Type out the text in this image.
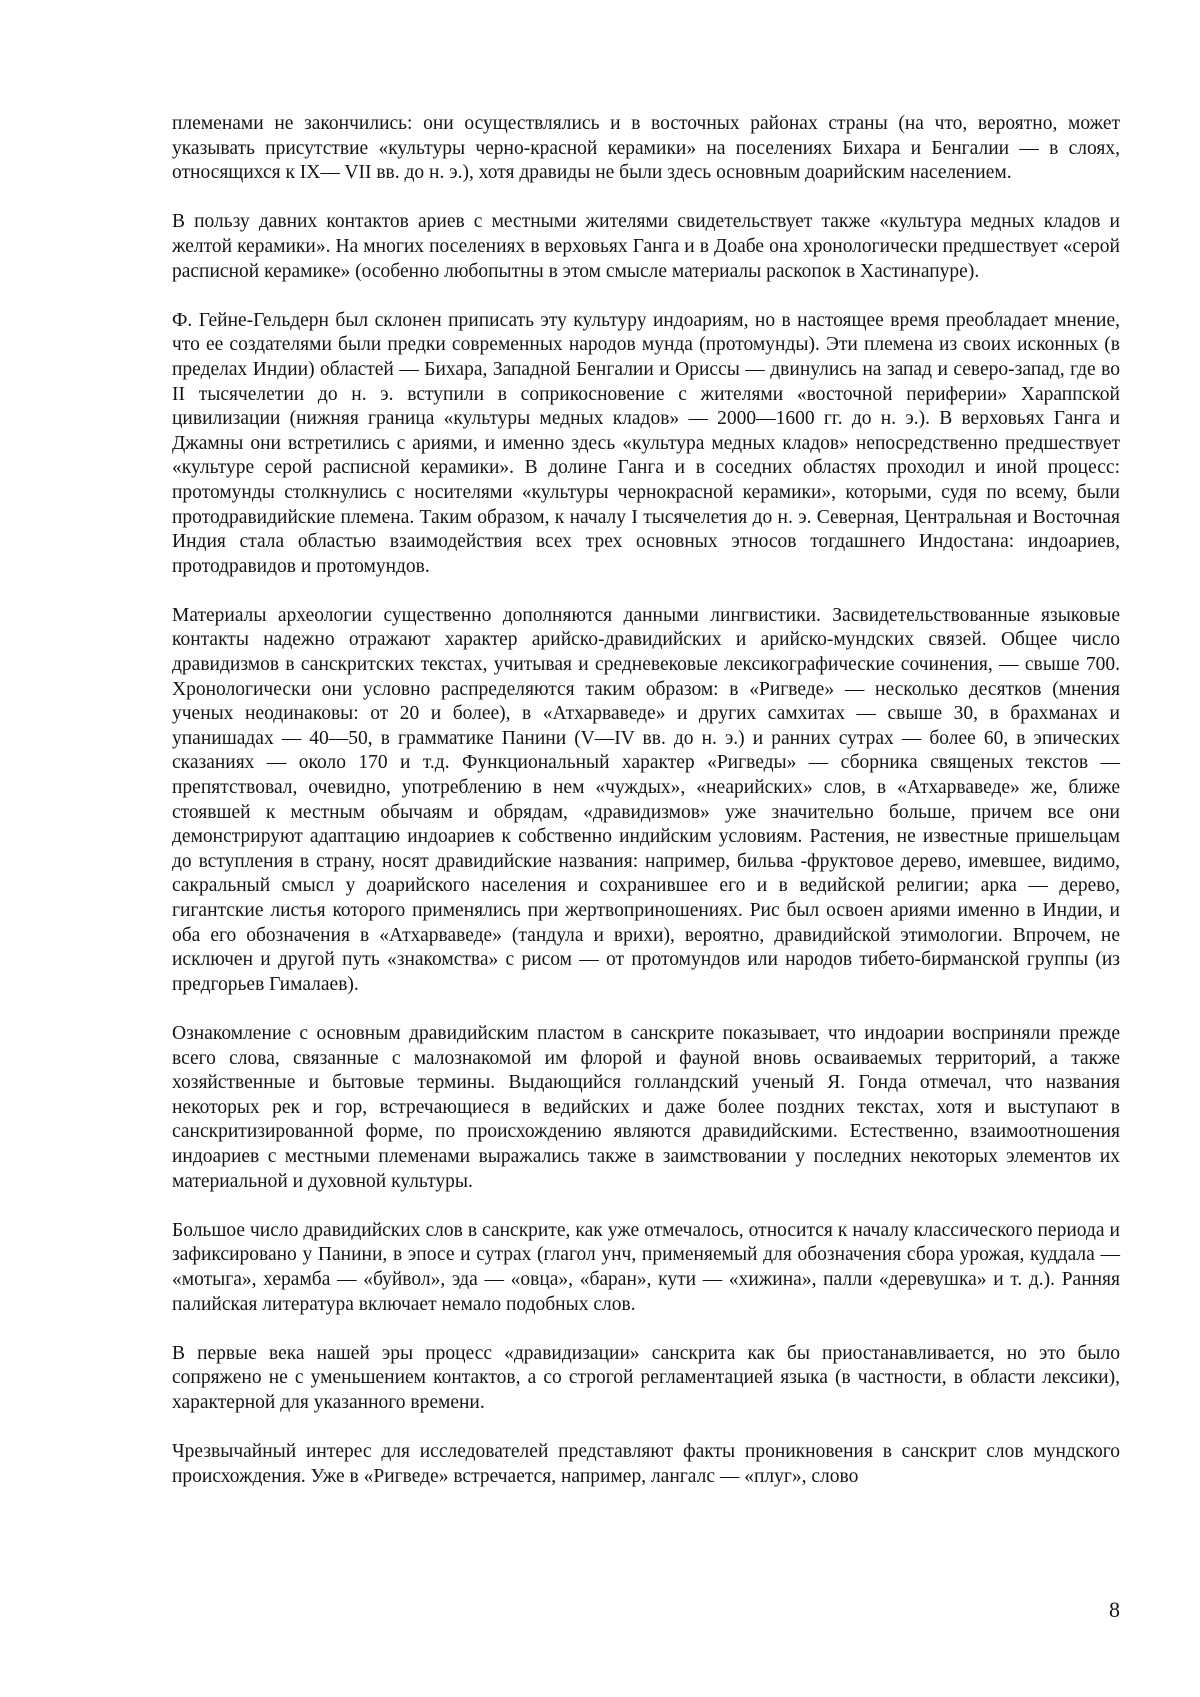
племенами не закончились: они осуществлялись и в восточных районах страны (на что, вероятно, может указывать присутствие «культуры черно-красной керамики» на поселениях Бихара и Бенгалии — в слоях, относящихся к IX— VII вв. до н. э.), хотя дравиды не были здесь основным доарийским населением.

В пользу давних контактов ариев с местными жителями свидетельствует также «культура медных кладов и желтой керамики». На многих поселениях в верховьях Ганга и в Доабе она хронологически предшествует «серой расписной керамике» (особенно любопытны в этом смысле материалы раскопок в Хастинапуре).

Ф. Гейне-Гельдерн был склонен приписать эту культуру индоариям, но в настоящее время преобладает мнение, что ее создателями были предки современных народов мунда (протомунды). Эти племена из своих исконных (в пределах Индии) областей — Бихара, Западной Бенгалии и Ориссы — двинулись на запад и северо-запад, где во II тысячелетии до н. э. вступили в соприкосновение с жителями «восточной периферии» Хараппской цивилизации (нижняя граница «культуры медных кладов» — 2000—1600 гг. до н. э.). В верховьях Ганга и Джамны они встретились с ариями, и именно здесь «культура медных кладов» непосредственно предшествует «культуре серой расписной керамики». В долине Ганга и в соседних областях проходил и иной процесс: протомунды столкнулись с носителями «культуры чернокрасной керамики», которыми, судя по всему, были протодравидийские племена. Таким образом, к началу I тысячелетия до н. э. Северная, Центральная и Восточная Индия стала областью взаимодействия всех трех основных этносов тогдашнего Индостана: индоариев, протодравидов и протомундов.

Материалы археологии существенно дополняются данными лингвистики. Засвидетельствованные языковые контакты надежно отражают характер арийско-дравидийских и арийско-мундских связей. Общее число дравидизмов в санскритских текстах, учитывая и средневековые лексикографические сочинения, — свыше 700. Хронологически они условно распределяются таким образом: в «Ригведе» — несколько десятков (мнения ученых неодинаковы: от 20 и более), в «Атхарваведе» и других самхитах — свыше 30, в брахманах и упанишадах — 40—50, в грамматике Панини (V—IV вв. до н. э.) и ранних сутрах — более 60, в эпических сказаниях — около 170 и т.д. Функциональный характер «Ригведы» — сборника священых текстов — препятствовал, очевидно, употреблению в нем «чуждых», «неарийских» слов, в «Атхарваведе» же, ближе стоявшей к местным обычаям и обрядам, «дравидизмов» уже значительно больше, причем все они демонстрируют адаптацию индоариев к собственно индийским условиям. Растения, не известные пришельцам до вступления в страну, носят дравидийские названия: например, бильва -фруктовое дерево, имевшее, видимо, сакральный смысл у доарийского населения и сохранившее его и в ведийской религии; арка — дерево, гигантские листья которого применялись при жертвоприношениях. Рис был освоен ариями именно в Индии, и оба его обозначения в «Атхарваведе» (тандула и врихи), вероятно, дравидийской этимологии. Впрочем, не исключен и другой путь «знакомства» с рисом — от протомундов или народов тибето-бирманской группы (из предгорьев Гималаев).

Ознакомление с основным дравидийским пластом в санскрите показывает, что индоарии восприняли прежде всего слова, связанные с малознакомой им флорой и фауной вновь осваиваемых территорий, а также хозяйственные и бытовые термины. Выдающийся голландский ученый Я. Гонда отмечал, что названия некоторых рек и гор, встречающиеся в ведийских и даже более поздних текстах, хотя и выступают в санскритизированной форме, по происхождению являются дравидийскими. Естественно, взаимоотношения индоариев с местными племенами выражались также в заимствовании у последних некоторых элементов их материальной и духовной культуры.

Большое число дравидийских слов в санскрите, как уже отмечалось, относится к началу классического периода и зафиксировано у Панини, в эпосе и сутрах (глагол унч, применяемый для обозначения сбора урожая, куддала — «мотыга», херамба — «буйвол», эда — «овца», «баран», кути — «хижина», палли «деревушка» и т. д.). Ранняя палийская литература включает немало подобных слов.

В первые века нашей эры процесс «дравидизации» санскрита как бы приостанавливается, но это было сопряжено не с уменьшением контактов, а со строгой регламентацией языка (в частности, в области лексики), характерной для указанного времени.

Чрезвычайный интерес для исследователей представляют факты проникновения в санскрит слов мундского происхождения. Уже в «Ригведе» встречается, например, лангалс — «плуг», слово

8
